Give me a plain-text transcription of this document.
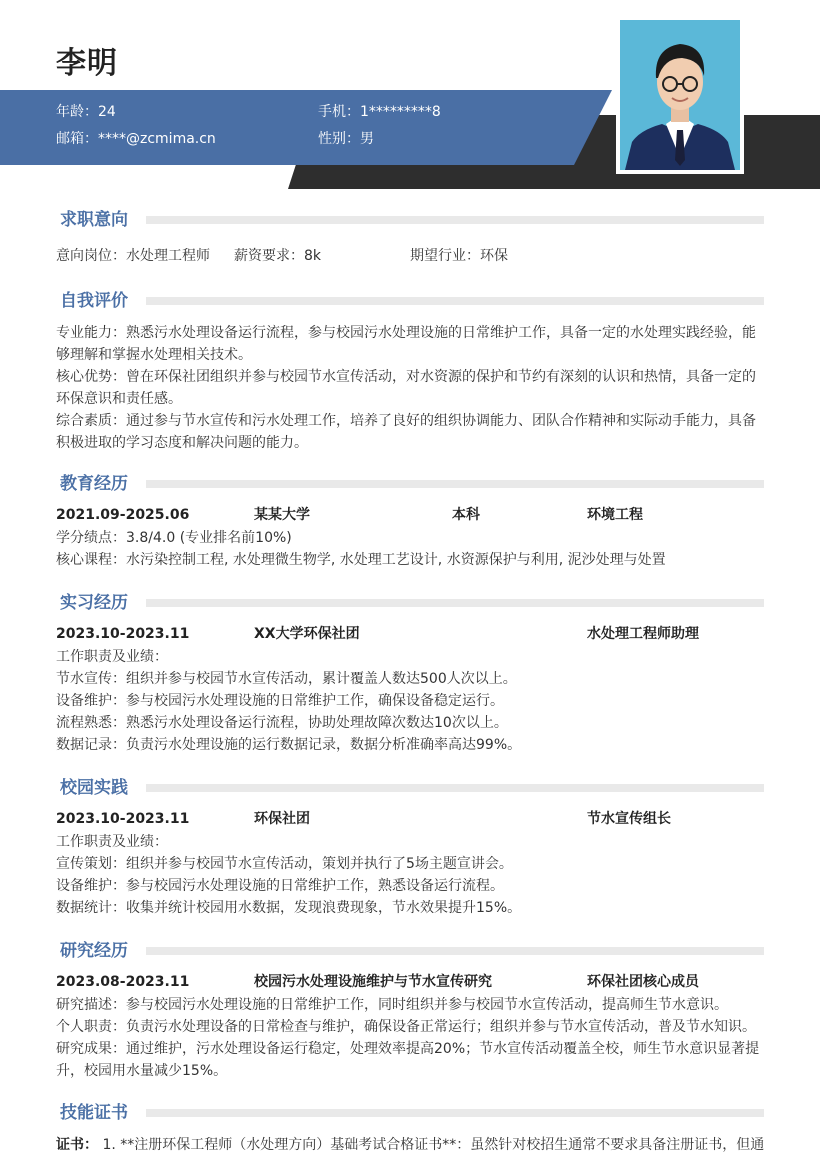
李明
年龄：24	手机：1*********8
邮箱：****@zcmima.cn	性别：男
求职意向
意向岗位：水处理工程师 薪资要求：8k	期望行业：环保
自我评价
专业能力：熟悉污水处理设备运行流程，参与校园污水处理设施的日常维护工作，具备一定的水处理实践经验，能
够理解和掌握水处理相关技术。
核心优势：曾在环保社团组织并参与校园节水宣传活动，对水资源的保护和节约有深刻的认识和热情，具备一定的
环保意识和责任感。
综合素质：通过参与节水宣传和污水处理工作，培养了良好的组织协调能力、团队合作精神和实际动手能力，具备
积极进取的学习态度和解决问题的能力。
教育经历
2021.09-2025.06	某某大学	本科	环境工程
学分绩点：3.8/4.0 (专业排名前10%)
核心课程：水污染控制工程, 水处理微生物学, 水处理工艺设计, 水资源保护与利用, 泥沙处理与处置
实习经历
2023.10-2023.11	XX大学环保社团	水处理工程师助理
工作职责及业绩：
节水宣传：组织并参与校园节水宣传活动，累计覆盖人数达500人次以上。
设备维护：参与校园污水处理设施的日常维护工作，确保设备稳定运行。
流程熟悉：熟悉污水处理设备运行流程，协助处理故障次数达10次以上。
数据记录：负责污水处理设施的运行数据记录，数据分析准确率高达99%。
校园实践
2023.10-2023.11	环保社团	节水宣传组长
工作职责及业绩：
宣传策划：组织并参与校园节水宣传活动，策划并执行了5场主题宣讲会。
设备维护：参与校园污水处理设施的日常维护工作，熟悉设备运行流程。
数据统计：收集并统计校园用水数据，发现浪费现象，节水效果提升15%。
研究经历
2023.08-2023.11	校园污水处理设施维护与节水宣传研究	环保社团核心成员
研究描述：参与校园污水处理设施的日常维护工作，同时组织并参与校园节水宣传活动，提高师生节水意识。
个人职责：负责污水处理设备的日常检查与维护，确保设备正常运行；组织并参与节水宣传活动，普及节水知识。
研究成果：通过维护，污水处理设备运行稳定，处理效率提高20%；节水宣传活动覆盖全校，师生节水意识显著提
升，校园用水量减少15%。
技能证书
证书： 1. **注册环保工程师（水处理方向）基础考试合格证书**：虽然针对校招生通常不要求具备注册证书，但通
